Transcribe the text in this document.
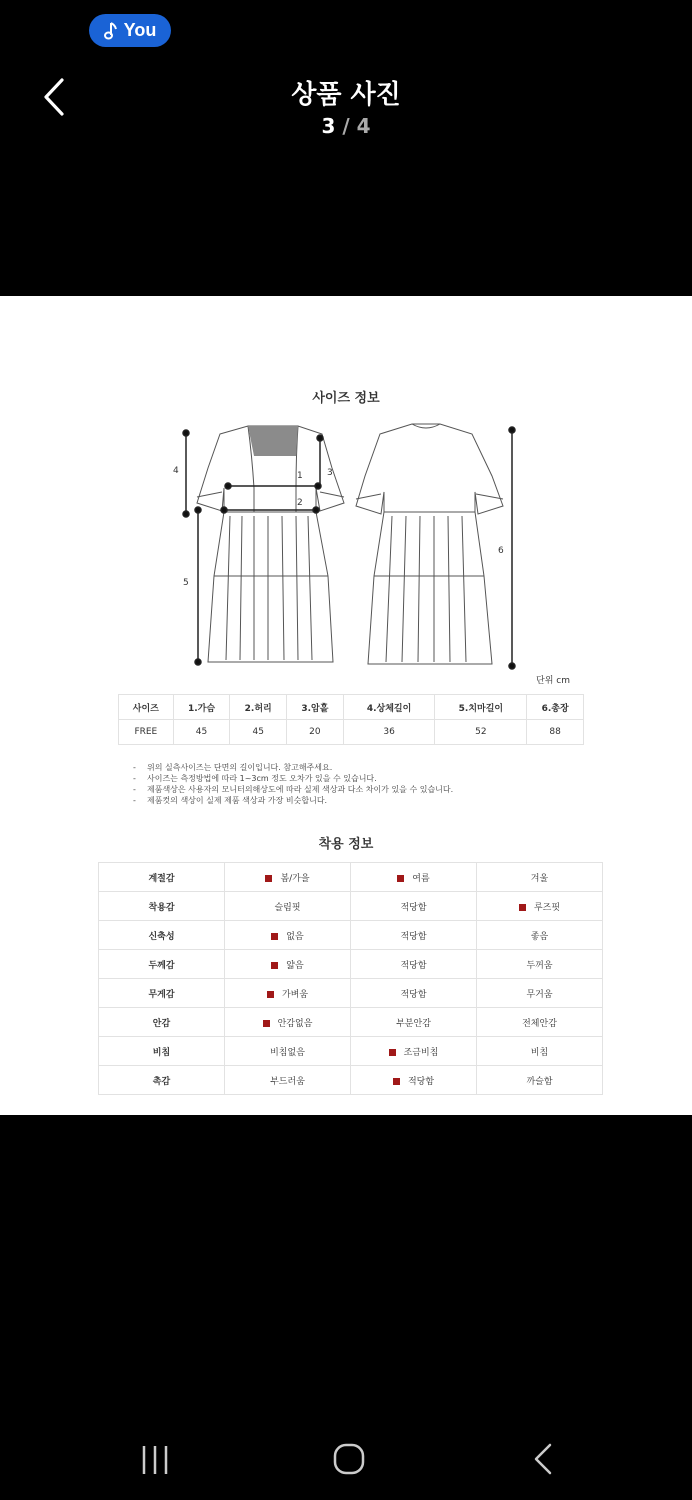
You
상품 사진
3 / 4
사이즈 정보
1
2
3
4
5
6
단위 cm
사이즈	1.가슴	2.허리	3.암홀	4.상체길이	5.치마길이	6.총장
FREE	45	45	20	36	52	88
- 위의 실측사이즈는 단면의 길이입니다. 참고해주세요.
- 사이즈는 측정방법에 따라 1~3cm 정도 오차가 있을 수 있습니다.
- 제품색상은 사용자의 모니터의해상도에 따라 실제 색상과 다소 차이가 있을 수 있습니다.
- 제품컷의 색상이 실제 제품 색상과 가장 비슷합니다.
착용 정보
계절감	봄/가을	여름	겨울
착용감	슬림핏	적당함	루즈핏
신축성	없음	적당함	좋음
두께감	얇음	적당함	두꺼움
무게감	가벼움	적당함	무거움
안감	안감없음	부분안감	전체안감
비침	비침없음	조금비침	비침
촉감	부드러움	적당함	까슬함
